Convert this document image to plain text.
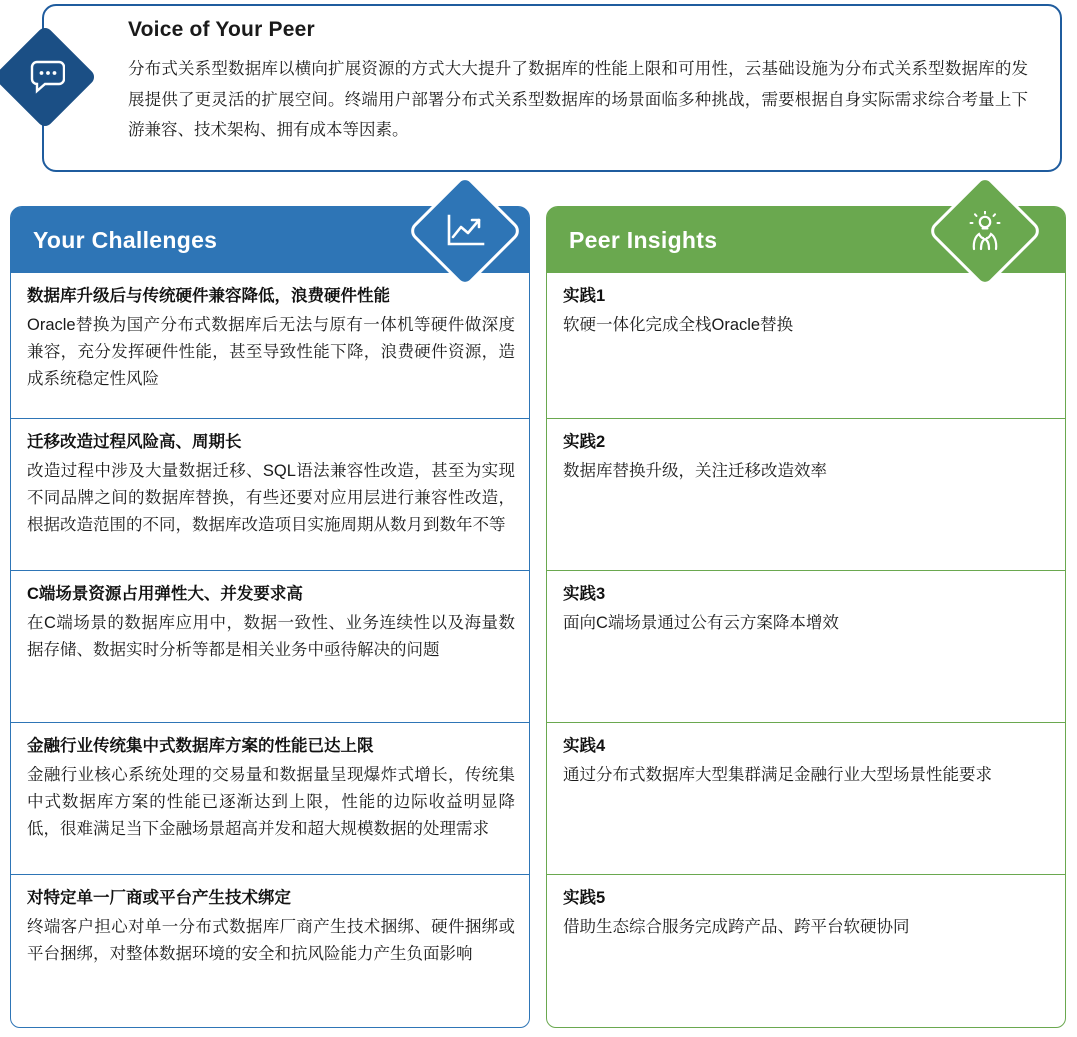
Voice of Your Peer
分布式关系型数据库以横向扩展资源的方式大大提升了数据库的性能上限和可用性，云基础设施为分布式关系型数据库的发展提供了更灵活的扩展空间。终端用户部署分布式关系型数据库的场景面临多种挑战，需要根据自身实际需求综合考量上下游兼容、技术架构、拥有成本等因素。
Your Challenges
数据库升级后与传统硬件兼容降低，浪费硬件性能
Oracle替换为国产分布式数据库后无法与原有一体机等硬件做深度兼容，充分发挥硬件性能，甚至导致性能下降，浪费硬件资源，造成系统稳定性风险
迁移改造过程风险高、周期长
改造过程中涉及大量数据迁移、SQL语法兼容性改造，甚至为实现不同品牌之间的数据库替换，有些还要对应用层进行兼容性改造，根据改造范围的不同，数据库改造项目实施周期从数月到数年不等
C端场景资源占用弹性大、并发要求高
在C端场景的数据库应用中，数据一致性、业务连续性以及海量数据存储、数据实时分析等都是相关业务中亟待解决的问题
金融行业传统集中式数据库方案的性能已达上限
金融行业核心系统处理的交易量和数据量呈现爆炸式增长，传统集中式数据库方案的性能已逐渐达到上限，性能的边际收益明显降低，很难满足当下金融场景超高并发和超大规模数据的处理需求
对特定单一厂商或平台产生技术绑定
终端客户担心对单一分布式数据库厂商产生技术捆绑、硬件捆绑或平台捆绑，对整体数据环境的安全和抗风险能力产生负面影响
Peer Insights
实践1
软硬一体化完成全栈Oracle替换
实践2
数据库替换升级，关注迁移改造效率
实践3
面向C端场景通过公有云方案降本增效
实践4
通过分布式数据库大型集群满足金融行业大型场景性能要求
实践5
借助生态综合服务完成跨产品、跨平台软硬协同
